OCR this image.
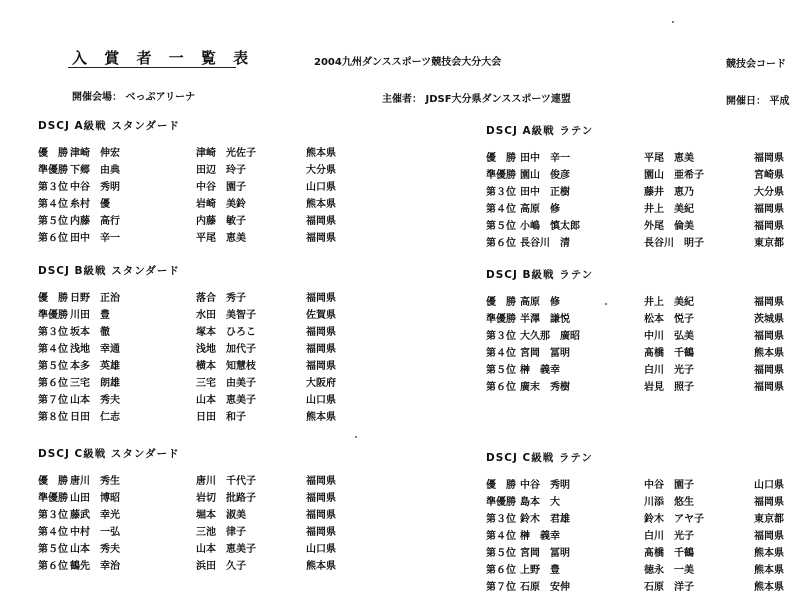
入 賞 者 一 覧 表	2004九州ダンススポーツ競技会大分大会	競技会コード
開催会場： べっぷアリーナ	主催者： JDSF大分県ダンススポーツ連盟	開催日： 平成
DSCJ A級戦 スタンダード
優　勝 津崎　伸宏	津崎　光佐子	熊本県
準優勝 下郷　由典	田辺　玲子	大分県
第３位 中谷　秀明	中谷　園子	山口県
第４位 糸村　優	岩崎　美鈴	熊本県
第５位 内藤　高行	内藤　敏子	福岡県
第６位 田中　辛一	平尾　恵美	福岡県
DSCJ B級戦 スタンダード
優　勝 日野　正治	落合　秀子	福岡県
準優勝 川田　豊	水田　美智子	佐賀県
第３位 坂本　徹	塚本　ひろこ	福岡県
第４位 浅地　幸通	浅地　加代子	福岡県
第５位 本多　英雄	横本　知慧枝	福岡県
第６位 三宅　朗雄	三宅　由美子	大阪府
第７位 山本　秀夫	山本　恵美子	山口県
第８位 日田　仁志	日田　和子	熊本県
DSCJ C級戦 スタンダード
優　勝 唐川　秀生	唐川　千代子	福岡県
準優勝 山田　博昭	岩切　批路子	福岡県
第３位 藤武　幸光	堀本　淑美	福岡県
第４位 中村　一弘	三池　律子	福岡県
第５位 山本　秀夫	山本　恵美子	山口県
第６位 鶴先　幸治	浜田　久子	熊本県
DSCJ A級戦 ラテン
優　勝 田中　辛一	平尾　恵美	福岡県
準優勝 園山　俊彦	園山　亜希子	宮崎県
第３位 田中　正樹	藤井　恵乃	大分県
第４位 高原　修	井上　美紀	福岡県
第５位 小嶋　慎太郎	外尾　倫美	福岡県
第６位 長谷川　清	長谷川　明子	東京都
DSCJ B級戦 ラテン
優　勝 高原　修	井上　美紀	福岡県
準優勝 半澤　謙悦	松本　悦子	茨城県
第３位 大久那　廣昭	中川　弘美	福岡県
第４位 宮岡　冨明	髙橋　千鶴	熊本県
第５位 榊　義幸	白川　光子	福岡県
第６位 廣末　秀樹	岩見　照子	福岡県
DSCJ C級戦 ラテン
優　勝 中谷　秀明	中谷　園子	山口県
準優勝 島本　大	川添　悠生	福岡県
第３位 鈴木　君雄	鈴木　アヤ子	東京都
第４位 榊　義幸	白川　光子	福岡県
第５位 宮岡　冨明	髙橋　千鶴	熊本県
第６位 上野　豊	徳永　一美	熊本県
第７位 石原　安伸	石原　洋子	熊本県
